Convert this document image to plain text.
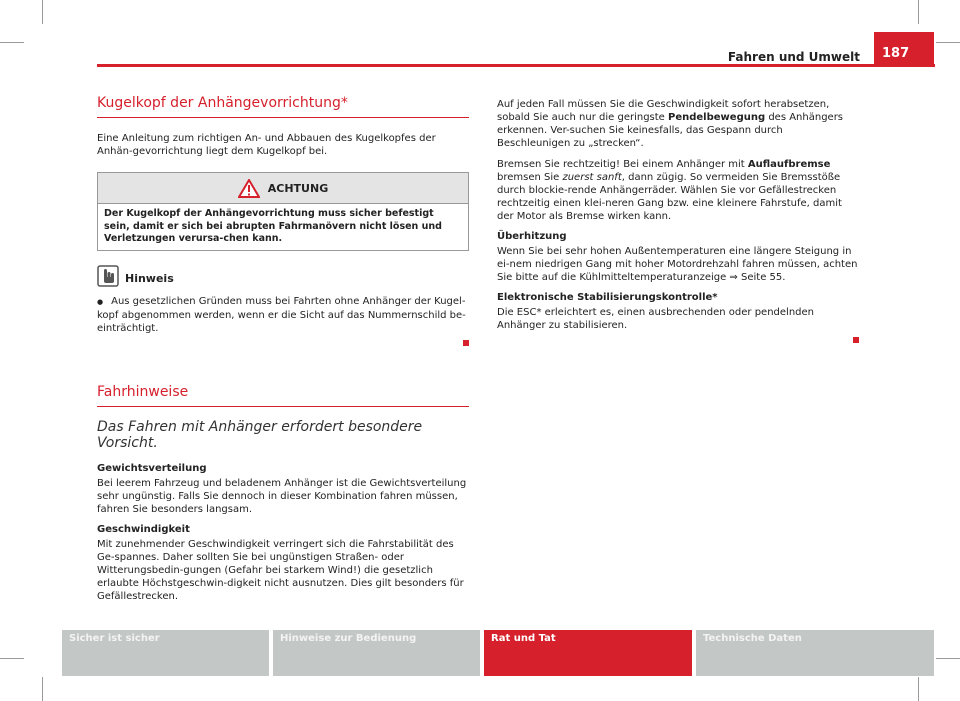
Fahren und Umwelt	187
Kugelkopf der Anhängevorrichtung*

Eine Anleitung zum richtigen An- und Abbauen des Kugelkopfes der Anhän-gevorrichtung liegt dem Kugelkopf bei.

ACHTUNG
Der Kugelkopf der Anhängevorrichtung muss sicher befestigt sein, damit er sich bei abrupten Fahrmanövern nicht lösen und Verletzungen verursa-chen kann.
Hinweis

● Aus gesetzlichen Gründen muss bei Fahrten ohne Anhänger der Kugel-kopf abgenommen werden, wenn er die Sicht auf das Nummernschild be-einträchtigt.

Fahrhinweise
Das Fahren mit Anhänger erfordert besondere Vorsicht.
Gewichtsverteilung

Bei leerem Fahrzeug und beladenem Anhänger ist die Gewichtsverteilung sehr ungünstig. Falls Sie dennoch in dieser Kombination fahren müssen, fahren Sie besonders langsam.

Geschwindigkeit

Mit zunehmender Geschwindigkeit verringert sich die Fahrstabilität des Ge-spannes. Daher sollten Sie bei ungünstigen Straßen- oder Witterungsbedin-gungen (Gefahr bei starkem Wind!) die gesetzlich erlaubte Höchstgeschwin-digkeit nicht ausnutzen. Dies gilt besonders für Gefällestrecken.

Auf jeden Fall müssen Sie die Geschwindigkeit sofort herabsetzen, sobald Sie auch nur die geringste Pendelbewegung des Anhängers erkennen. Ver-suchen Sie keinesfalls, das Gespann durch Beschleunigen zu „strecken“.

Bremsen Sie rechtzeitig! Bei einem Anhänger mit Auflaufbremse bremsen Sie zuerst sanft, dann zügig. So vermeiden Sie Bremsstöße durch blockie-rende Anhängerräder. Wählen Sie vor Gefällestrecken rechtzeitig einen klei-neren Gang bzw. eine kleinere Fahrstufe, damit der Motor als Bremse wirken kann.

Überhitzung

Wenn Sie bei sehr hohen Außentemperaturen eine längere Steigung in ei-nem niedrigen Gang mit hoher Motordrehzahl fahren müssen, achten Sie bitte auf die Kühlmitteltemperaturanzeige ⇒ Seite 55.

Elektronische Stabilisierungskontrolle*

Die ESC* erleichtert es, einen ausbrechenden oder pendelnden Anhänger zu stabilisieren.

Sicher ist sicher	Hinweise zur Bedienung	Rat und Tat	Technische Daten
